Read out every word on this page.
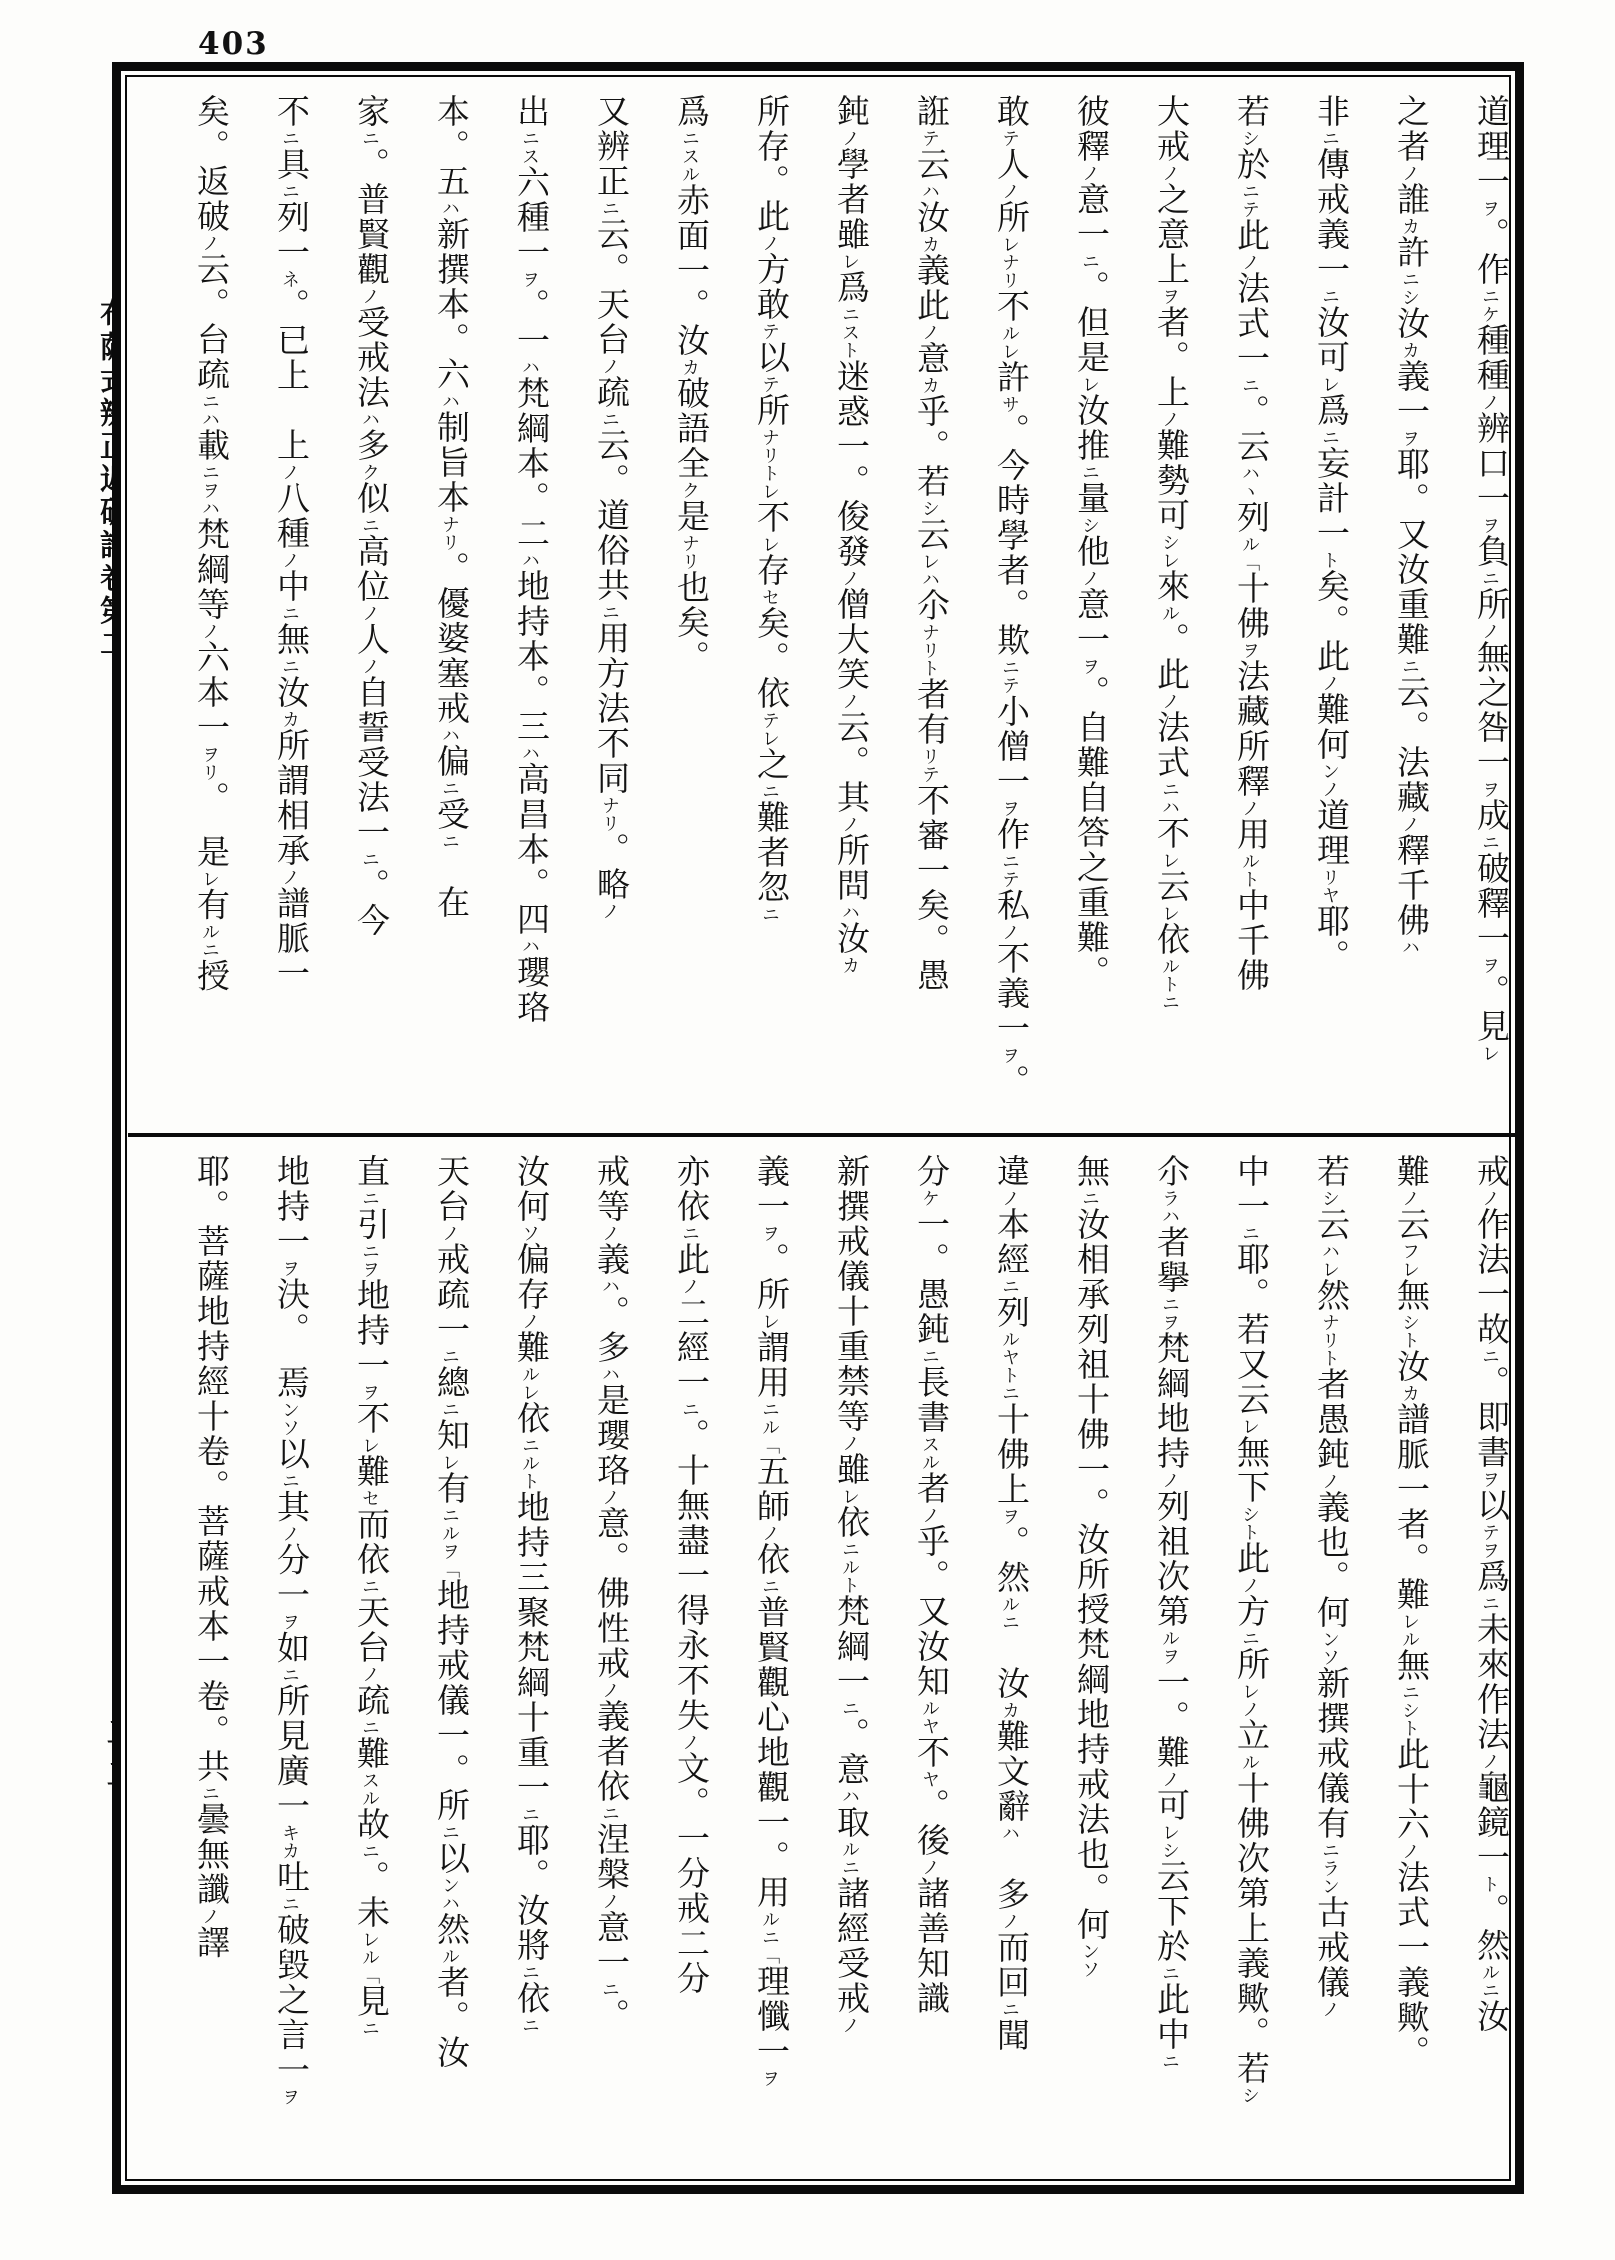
403
道理一ヲ。作ニケ種種ノ辨口一ヲ負ニ所ノ無之咎一ヲ成ニ破釋一ヲ。見レ
之者ノ誰カ許ニシ汝カ義一ヲ耶。又汝重難ニ云。法藏ノ釋千佛ハ
非ニ傳戒義一ニ汝可レ爲ニ妄計一ト矣。此ノ難何ンノ道理リヤ耶。
若シ於ニテ此ノ法式一ニ。云ハヽ列ル「十佛ヲ法藏所釋ノ用ルト中千佛
大戒ノ之意上ヲ者。上ノ難勢可シレ來ル。此ノ法式ニハ不レ云レ依ルトニ
彼釋ノ意一ニ。但是レ汝推ニ量シ他ノ意一ヲ。自難自答之重難。
敢テ人ノ所レナリ不ルレ許サ。今時學者。欺ニテ小僧一ヲ作ニテ私ノ不義一ヲ。
誑テ云ハ汝カ義此ノ意カ乎。若シ云レハ尒ナリト者有リテ不審一矣。愚
鈍ノ學者雖レ爲ニスト迷惑一。俊發ノ僧大笑ノ云。其ノ所問ハ汝カ
所存。此ノ方敢テ以テ所ナリトレ不レ存セ矣。依テレ之ニ難者忽ニ
爲ニスル赤面一。汝カ破語全ク是ナリ也矣。
又辨正ニ云。天台ノ疏ニ云。道俗共ニ用方法不同ナリ。略ノ
出ニス六種一ヲ。一ハ梵綱本。二ハ地持本。三ハ高昌本。四ハ瓔珞
本。五ハ新撰本。六ハ制旨本ナリ。優婆塞戒ハ偏ニ受ニ　在
家ニ。普賢觀ノ受戒法ハ多ク似ニ高位ノ人ノ自誓受法一ニ。今
不ニ具ニ列一ネ。已上　上ノ八種ノ中ニ無ニ汝カ所謂相承ノ譜脈一
矣。返破ノ云。台疏ニハ載ニヲハ梵綱等ノ六本一ヲリ。　是レ有ルニ授
戒ノ作法一故ニ。即書ヲ以テヲ爲ニ未來作法ノ龜鏡一ト。然ルニ汝
難ノ云フレ無シト汝カ譜脈一者。難レル無ニシト此十六ノ法式一義歟。
若シ云ハレ然ナリト者愚鈍ノ義也。何ンソ新撰戒儀有ニラン古戒儀ノ
中一ニ耶。若又云レ無下シト此ノ方ニ所レノ立ル十佛次第上義歟。若シ
尒ラハ者擧ニヲ梵綱地持ノ列祖次第ルヲ一。難ノ可レシ云下於ニ此中ニ
無ニ汝相承列祖十佛一。汝所授梵綱地持戒法也。何ンソ
違ノ本經ニ列ルヤトニ十佛上ヲ。然ルニ　汝カ難文辭ハ　多ノ而回ニ聞
分ケ一。愚鈍ニ長書スル者ノ乎。又汝知ルヤ不ヤ。後ノ諸善知識
新撰戒儀十重禁等ノ雖レ依ニルト梵綱一ニ。意ハ取ルニ諸經受戒ノ
義一ヲ。所レ謂用ニル「五師ノ依ニ普賢觀心地觀一。用ルニ「理懺一ヲ
亦依ニ此ノ二經一ニ。十無盡一得永不失ノ文。一分戒二分
戒等ノ義ハ。多ハ是瓔珞ノ意。佛性戒ノ義者依ニ涅槃ノ意一ニ。
汝何ソ偏存ノ難ルレ依ニルト地持三聚梵綱十重一ニ耶。汝將ニ依ニ
天台ノ戒疏一ニ總ニ知レ有ニルヲ「地持戒儀一。所ニ以ンハ然ル者。汝
直ニ引ニヲ地持一ヲ不レ難セ而依ニ天台ノ疏ニ難スル故ニ。未レル「見ニ
地持一ヲ決。　焉ンソ以ニ其ノ分一ヲ如ニ所見廣一キカ吐ニ破毀之言一ヲ
耶。菩薩地持經十卷。菩薩戒本一卷。共ニ曇無讖ノ譯
